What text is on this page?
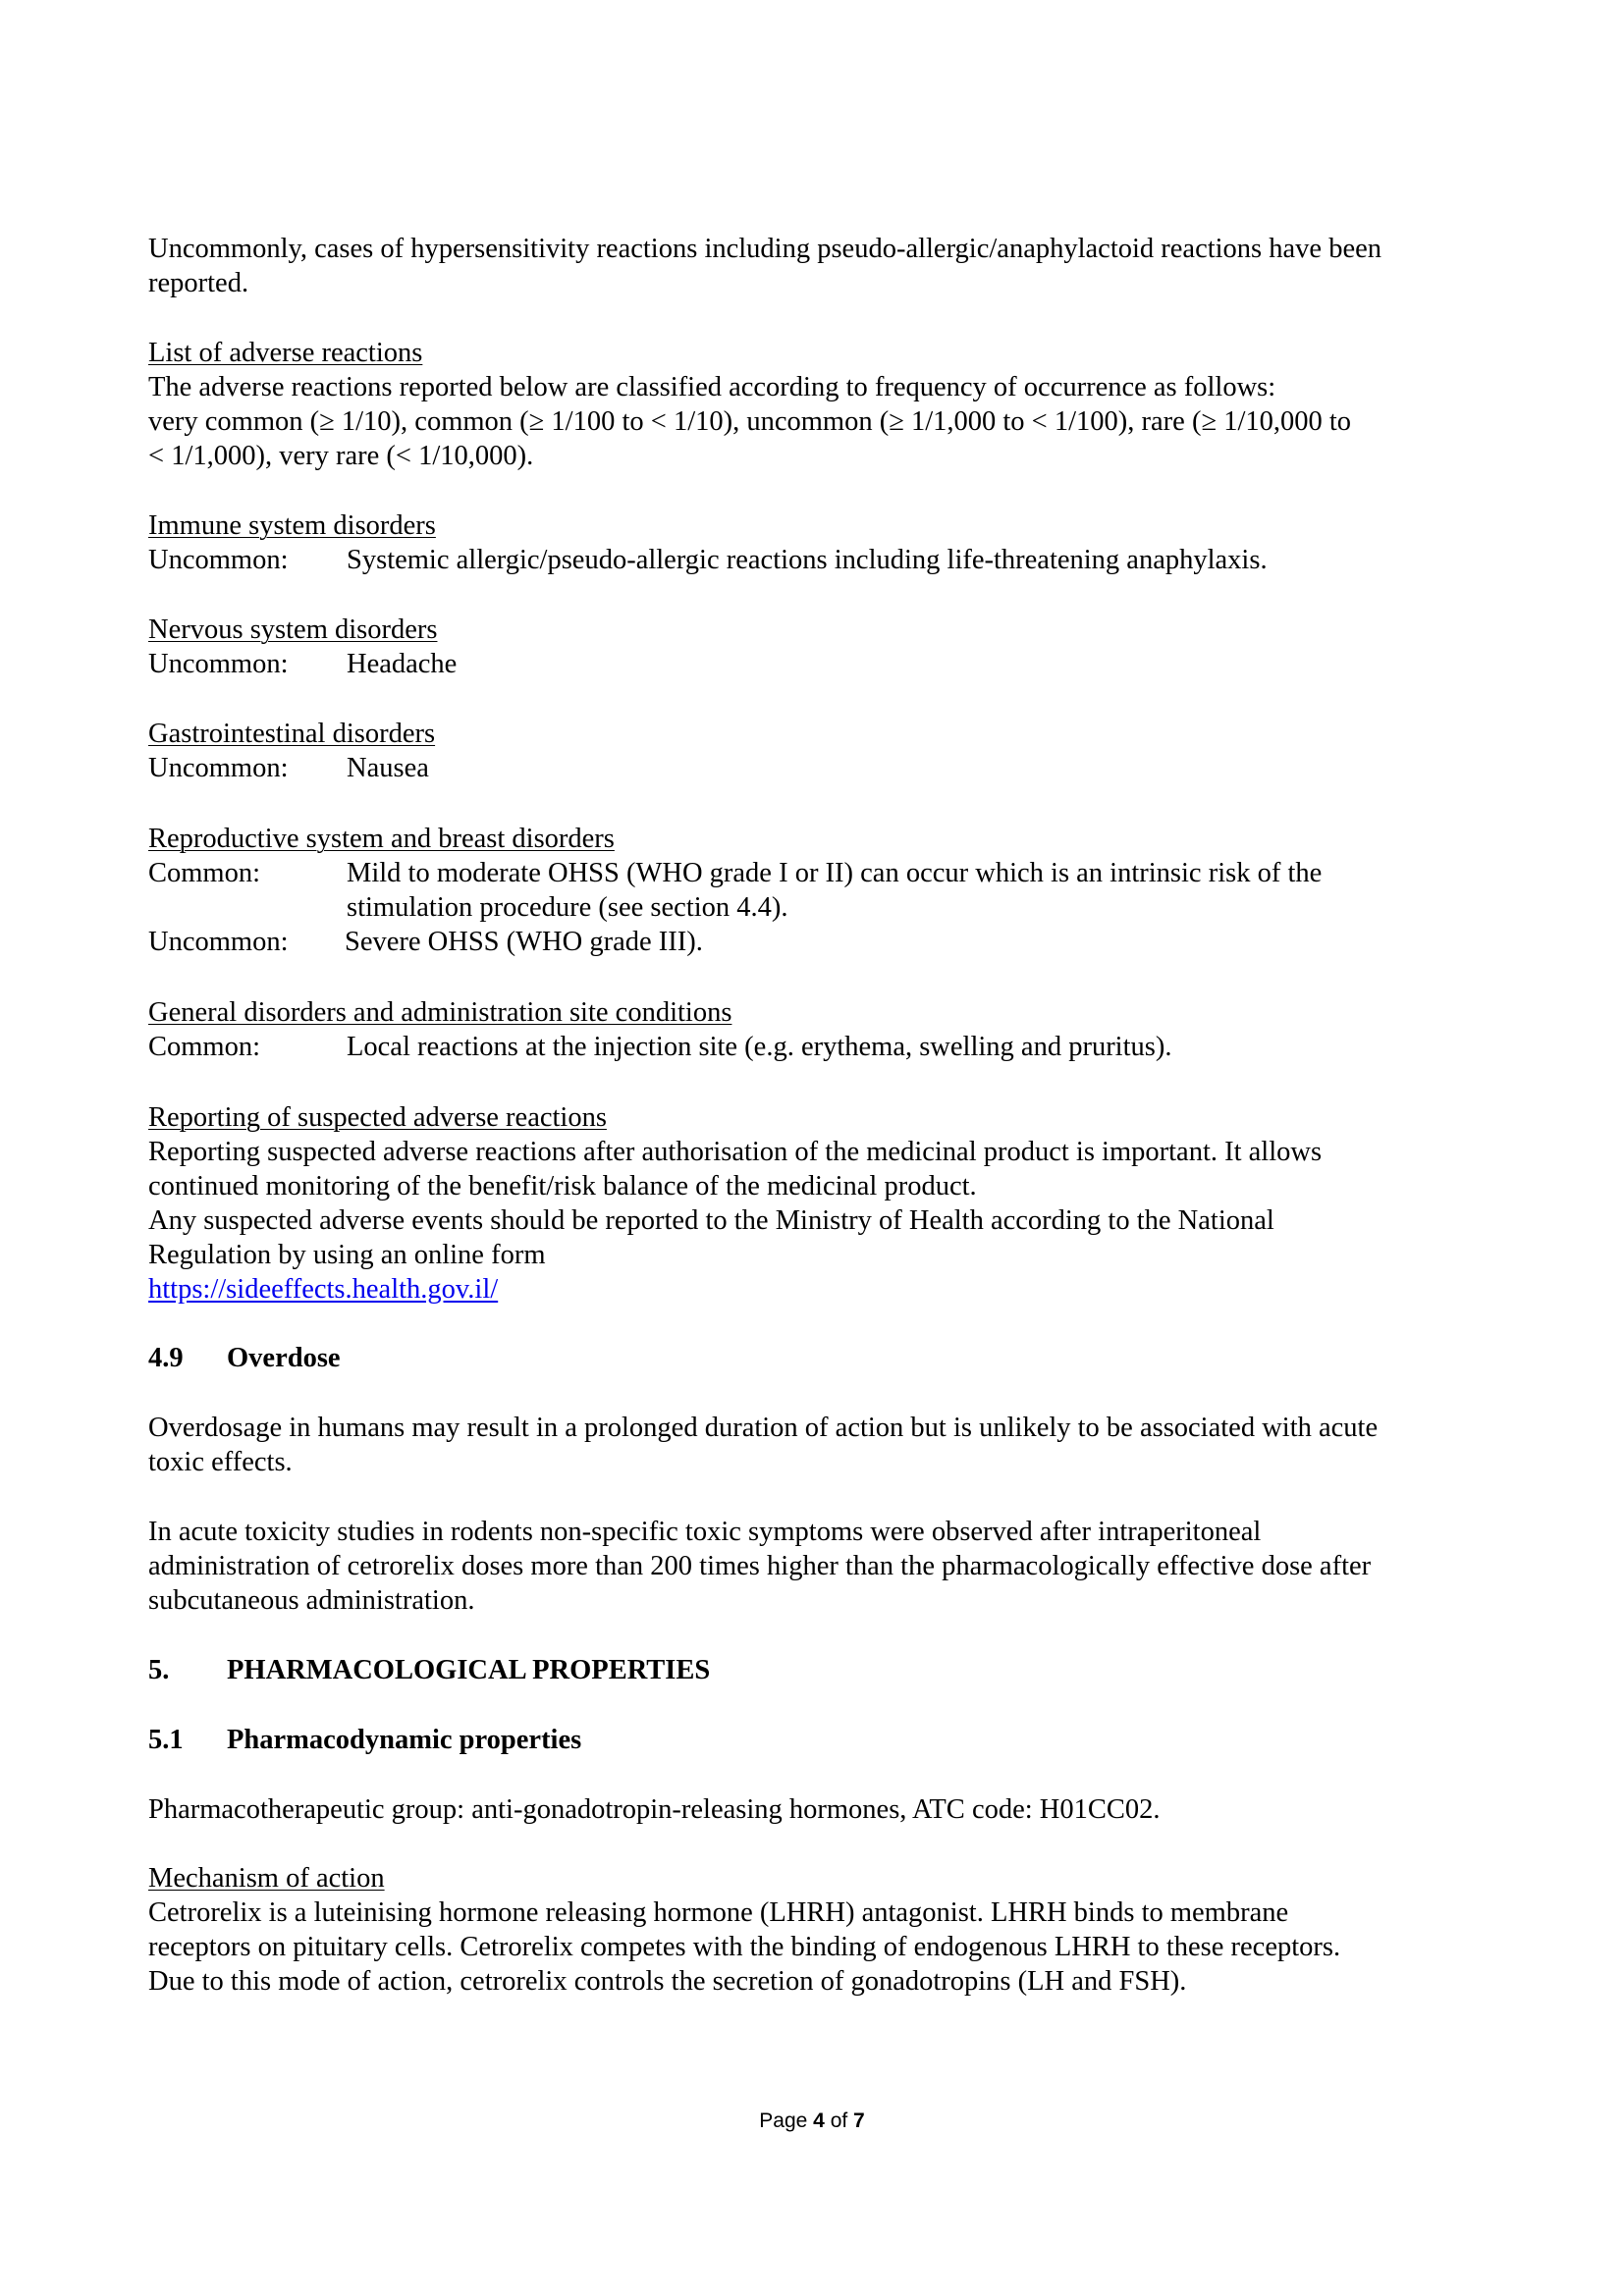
Uncommonly, cases of hypersensitivity reactions including pseudo-allergic/anaphylactoid reactions have been
reported.
List of adverse reactions
The adverse reactions reported below are classified according to frequency of occurrence as follows:
very common (≥ 1/10), common (≥ 1/100 to < 1/10), uncommon (≥ 1/1,000 to < 1/100), rare (≥ 1/10,000 to
< 1/1,000), very rare (< 1/10,000).
Immune system disorders
Uncommon: Systemic allergic/pseudo-allergic reactions including life-threatening anaphylaxis.
Nervous system disorders
Uncommon: Headache
Gastrointestinal disorders
Uncommon: Nausea
Reproductive system and breast disorders
Common:	Mild to moderate OHSS (WHO grade I or II) can occur which is an intrinsic risk of the
stimulation procedure (see section 4.4).
Uncommon: Severe OHSS (WHO grade III).
General disorders and administration site conditions
Common:	Local reactions at the injection site (e.g. erythema, swelling and pruritus).
Reporting of suspected adverse reactions
Reporting suspected adverse reactions after authorisation of the medicinal product is important. It allows
continued monitoring of the benefit/risk balance of the medicinal product.
Any suspected adverse events should be reported to the Ministry of Health according to the National
Regulation by using an online form
https://sideeffects.health.gov.il/
4.9 Overdose
Overdosage in humans may result in a prolonged duration of action but is unlikely to be associated with acute
toxic effects.
In acute toxicity studies in rodents non-specific toxic symptoms were observed after intraperitoneal
administration of cetrorelix doses more than 200 times higher than the pharmacologically effective dose after
subcutaneous administration.
5. PHARMACOLOGICAL PROPERTIES
5.1 Pharmacodynamic properties
Pharmacotherapeutic group: anti-gonadotropin-releasing hormones, ATC code: H01CC02.
Mechanism of action
Cetrorelix is a luteinising hormone releasing hormone (LHRH) antagonist. LHRH binds to membrane
receptors on pituitary cells. Cetrorelix competes with the binding of endogenous LHRH to these receptors.
Due to this mode of action, cetrorelix controls the secretion of gonadotropins (LH and FSH).
Page 4 of 7
